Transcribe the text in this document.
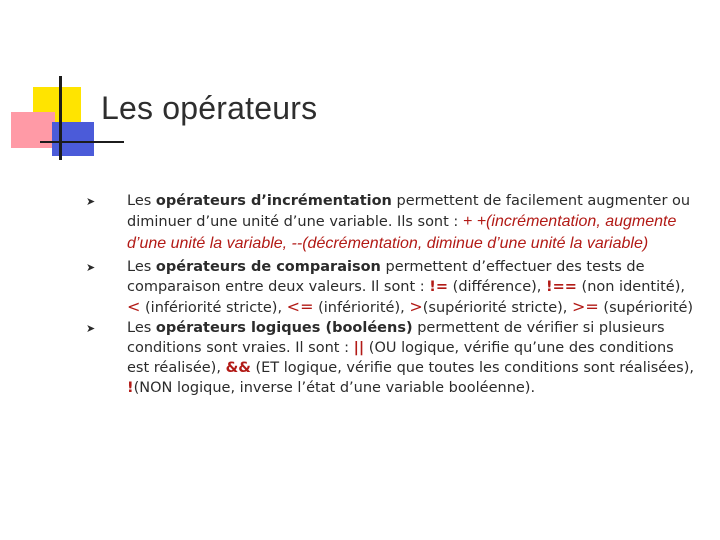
Les opérateurs
➤ Les opérateurs d’incrémentation permettent de facilement augmenter ou diminuer d’une unité d’une variable. Ils sont : + +(incrémentation, augmente d’une unité la variable, --(décrémentation, diminue d’une unité la variable)
➤ Les opérateurs de comparaison permettent d’effectuer des tests de comparaison entre deux valeurs. Il sont : != (différence), !== (non identité), < (infériorité stricte), <= (infériorité), >(supériorité stricte), >= (supériorité)
➤ Les opérateurs logiques (booléens) permettent de vérifier si plusieurs conditions sont vraies. Il sont : || (OU logique, vérifie qu’une des conditions est réalisée), && (ET logique, vérifie que toutes les conditions sont réalisées), !(NON logique, inverse l’état d’une variable booléenne).
